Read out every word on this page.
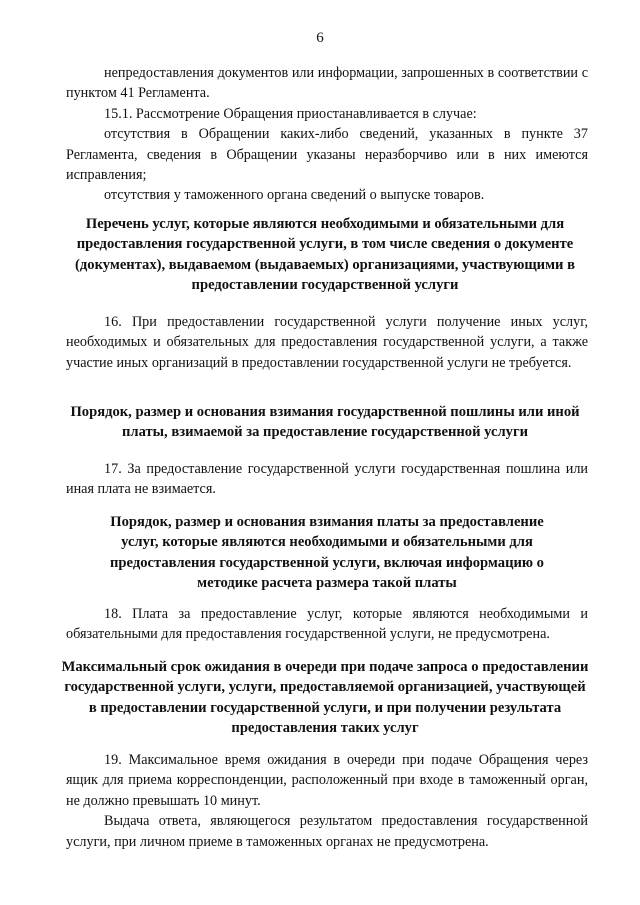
6

непредоставления документов или информации, запрошенных в соответствии с пунктом 41 Регламента.

15.1. Рассмотрение Обращения приостанавливается в случае:

отсутствия в Обращении каких-либо сведений, указанных в пункте 37 Регламента, сведения в Обращении указаны неразборчиво или в них имеются исправления;

отсутствия у таможенного органа сведений о выпуске товаров.

Перечень услуг, которые являются необходимыми и обязательными для предоставления государственной услуги, в том числе сведения о документе (документах), выдаваемом (выдаваемых) организациями, участвующими в предоставлении государственной услуги

16. При предоставлении государственной услуги получение иных услуг, необходимых и обязательных для предоставления государственной услуги, а также участие иных организаций в предоставлении государственной услуги не требуется.

Порядок, размер и основания взимания государственной пошлины или иной платы, взимаемой за предоставление государственной услуги

17. За предоставление государственной услуги государственная пошлина или иная плата не взимается.

Порядок, размер и основания взимания платы за предоставление услуг, которые являются необходимыми и обязательными для предоставления государственной услуги, включая информацию о методике расчета размера такой платы

18. Плата за предоставление услуг, которые являются необходимыми и обязательными для предоставления государственной услуги, не предусмотрена.

Максимальный срок ожидания в очереди при подаче запроса о предоставлении государственной услуги, услуги, предоставляемой организацией, участвующей в предоставлении государственной услуги, и при получении результата предоставления таких услуг

19. Максимальное время ожидания в очереди при подаче Обращения через ящик для приема корреспонденции, расположенный при входе в таможенный орган, не должно превышать 10 минут.

Выдача ответа, являющегося результатом предоставления государственной услуги, при личном приеме в таможенных органах не предусмотрена.
